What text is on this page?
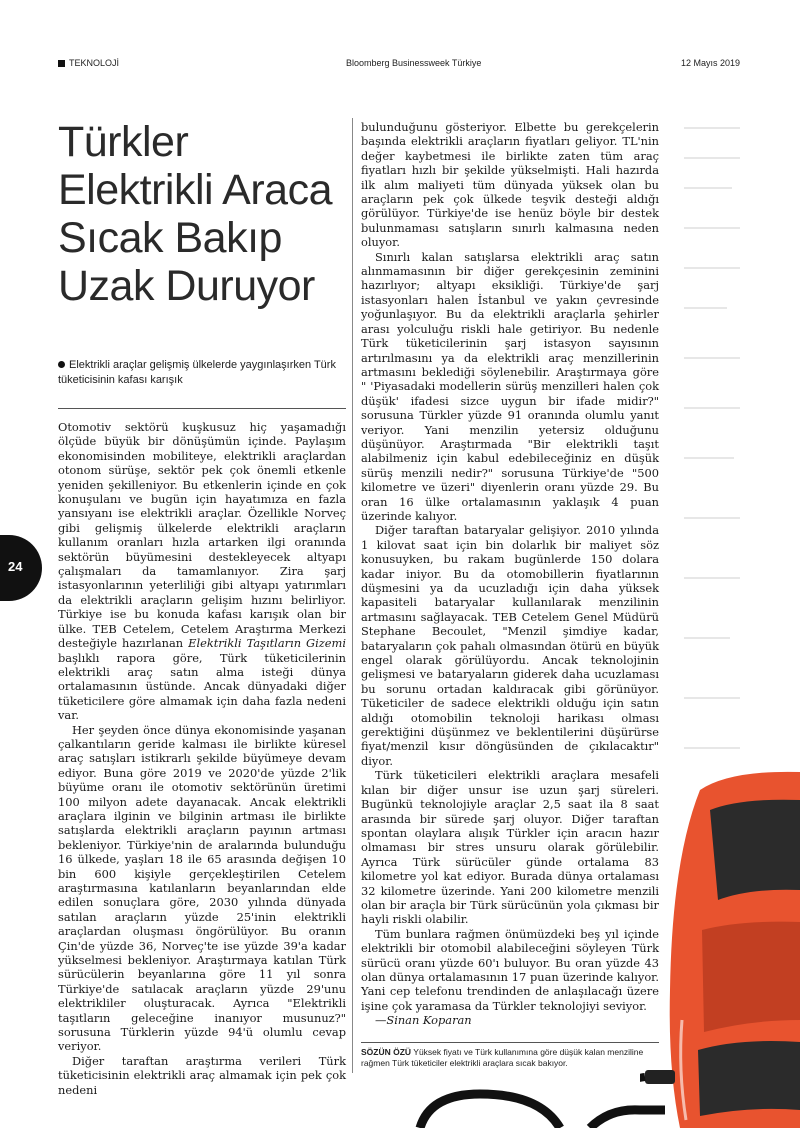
TEKNOLOJİ	Bloomberg Businessweek Türkiye	12 Mayıs 2019
Türkler Elektrikli Araca Sıcak Bakıp Uzak Duruyor
Elektrikli araçlar gelişmiş ülkelerde yaygınlaşırken Türk tüketicisinin kafası karışık
24

Otomotiv sektörü kuşkusuz hiç yaşamadığı ölçüde büyük bir dönüşümün içinde. Paylaşım ekonomisinden mobiliteye, elektrikli araçlardan otonom sürüşe, sektör pek çok önemli etkenle yeniden şekilleniyor. Bu etkenlerin içinde en çok konuşulanı ve bugün için hayatımıza en fazla yansıyanı ise elektrikli araçlar. Özellikle Norveç gibi gelişmiş ülkelerde elektrikli araçların kullanım oranları hızla artarken ilgi oranında sektörün büyümesini destekleyecek altyapı çalışmaları da tamamlanıyor. Zira şarj istasyonlarının yeterliliği gibi altyapı yatırımları da elektrikli araçların gelişim hızını belirliyor. Türkiye ise bu konuda kafası karışık olan bir ülke. TEB Cetelem, Cetelem Araştırma Merkezi desteğiyle hazırlanan Elektrikli Taşıtların Gizemi başlıklı rapora göre, Türk tüketicilerinin elektrikli araç satın alma isteği dünya ortalamasının üstünde. Ancak dünyadaki diğer tüketicilere göre almamak için daha fazla nedeni var.

Her şeyden önce dünya ekonomisinde yaşanan çalkantıların geride kalması ile birlikte küresel araç satışları istikrarlı şekilde büyümeye devam ediyor. Buna göre 2019 ve 2020'de yüzde 2'lik büyüme oranı ile otomotiv sektörünün üretimi 100 milyon adete dayanacak. Ancak elektrikli araçlara ilginin ve bilginin artması ile birlikte satışlarda elektrikli araçların payının artması bekleniyor. Türkiye'nin de aralarında bulunduğu 16 ülkede, yaşları 18 ile 65 arasında değişen 10 bin 600 kişiyle gerçekleştirilen Cetelem araştırmasına katılanların beyanlarından elde edilen sonuçlara göre, 2030 yılında dünyada satılan araçların yüzde 25'inin elektrikli araçlardan oluşması öngörülüyor. Bu oranın Çin'de yüzde 36, Norveç'te ise yüzde 39'a kadar yükselmesi bekleniyor. Araştırmaya katılan Türk sürücülerin beyanlarına göre 11 yıl sonra Türkiye'de satılacak araçların yüzde 29'unu elektrikliler oluşturacak. Ayrıca "Elektrikli taşıtların geleceğine inanıyor musunuz?" sorusuna Türklerin yüzde 94'ü olumlu cevap veriyor.

Diğer taraftan araştırma verileri Türk tüketicisinin elektrikli araç almamak için pek çok nedeni

bulunduğunu gösteriyor. Elbette bu gerekçelerin başında elektrikli araçların fiyatları geliyor. TL'nin değer kaybetmesi ile birlikte zaten tüm araç fiyatları hızlı bir şekilde yükselmişti. Hali hazırda ilk alım maliyeti tüm dünyada yüksek olan bu araçların pek çok ülkede teşvik desteği aldığı görülüyor. Türkiye'de ise henüz böyle bir destek bulunmaması satışların sınırlı kalmasına neden oluyor.

Sınırlı kalan satışlarsa elektrikli araç satın alınmamasının bir diğer gerekçesinin zeminini hazırlıyor; altyapı eksikliği. Türkiye'de şarj istasyonları halen İstanbul ve yakın çevresinde yoğunlaşıyor. Bu da elektrikli araçlarla şehirler arası yolculuğu riskli hale getiriyor. Bu nedenle Türk tüketicilerinin şarj istasyon sayısının artırılmasını ya da elektrikli araç menzillerinin artmasını beklediği söylenebilir. Araştırmaya göre " 'Piyasadaki modellerin sürüş menzilleri halen çok düşük' ifadesi sizce uygun bir ifade midir?" sorusuna Türkler yüzde 91 oranında olumlu yanıt veriyor. Yani menzilin yetersiz olduğunu düşünüyor. Araştırmada "Bir elektrikli taşıt alabilmeniz için kabul edebileceğiniz en düşük sürüş menzili nedir?" sorusuna Türkiye'de "500 kilometre ve üzeri" diyenlerin oranı yüzde 29. Bu oran 16 ülke ortalamasının yaklaşık 4 puan üzerinde kalıyor.

Diğer taraftan bataryalar gelişiyor. 2010 yılında 1 kilovat saat için bin dolarlık bir maliyet söz konusuyken, bu rakam bugünlerde 150 dolara kadar iniyor. Bu da otomobillerin fiyatlarının düşmesini ya da ucuzladığı için daha yüksek kapasiteli bataryalar kullanılarak menzilinin artmasını sağlayacak. TEB Cetelem Genel Müdürü Stephane Becoulet, "Menzil şimdiye kadar, bataryaların çok pahalı olmasından ötürü en büyük engel olarak görülüyordu. Ancak teknolojinin gelişmesi ve bataryaların giderek daha ucuzlaması bu sorunu ortadan kaldıracak gibi görünüyor. Tüketiciler de sadece elektrikli olduğu için satın aldığı otomobilin teknoloji harikası olması gerektiğini düşünmez ve beklentilerini düşürürse fiyat/menzil kısır döngüsünden de çıkılacaktır" diyor.

Türk tüketicileri elektrikli araçlara mesafeli kılan bir diğer unsur ise uzun şarj süreleri. Bugünkü teknolojiyle araçlar 2,5 saat ila 8 saat arasında bir sürede şarj oluyor. Diğer taraftan spontan olaylara alışık Türkler için aracın hazır olmaması bir stres unsuru olarak görülebilir. Ayrıca Türk sürücüler günde ortalama 83 kilometre yol kat ediyor. Burada dünya ortalaması 32 kilometre üzerinde. Yani 200 kilometre menzili olan bir araçla bir Türk sürücünün yola çıkması bir hayli riskli olabilir.

Tüm bunlara rağmen önümüzdeki beş yıl içinde elektrikli bir otomobil alabileceğini söyleyen Türk sürücü oranı yüzde 60'ı buluyor. Bu oran yüzde 43 olan dünya ortalamasının 17 puan üzerinde kalıyor. Yani cep telefonu trendinden de anlaşılacağı üzere işine çok yaramasa da Türkler teknolojiyi seviyor.

—Sinan Koparan

SÖZÜN ÖZÜ Yüksek fiyatı ve Türk kullanımına göre düşük kalan menziline rağmen Türk tüketiciler elektrikli araçlara sıcak bakıyor.
